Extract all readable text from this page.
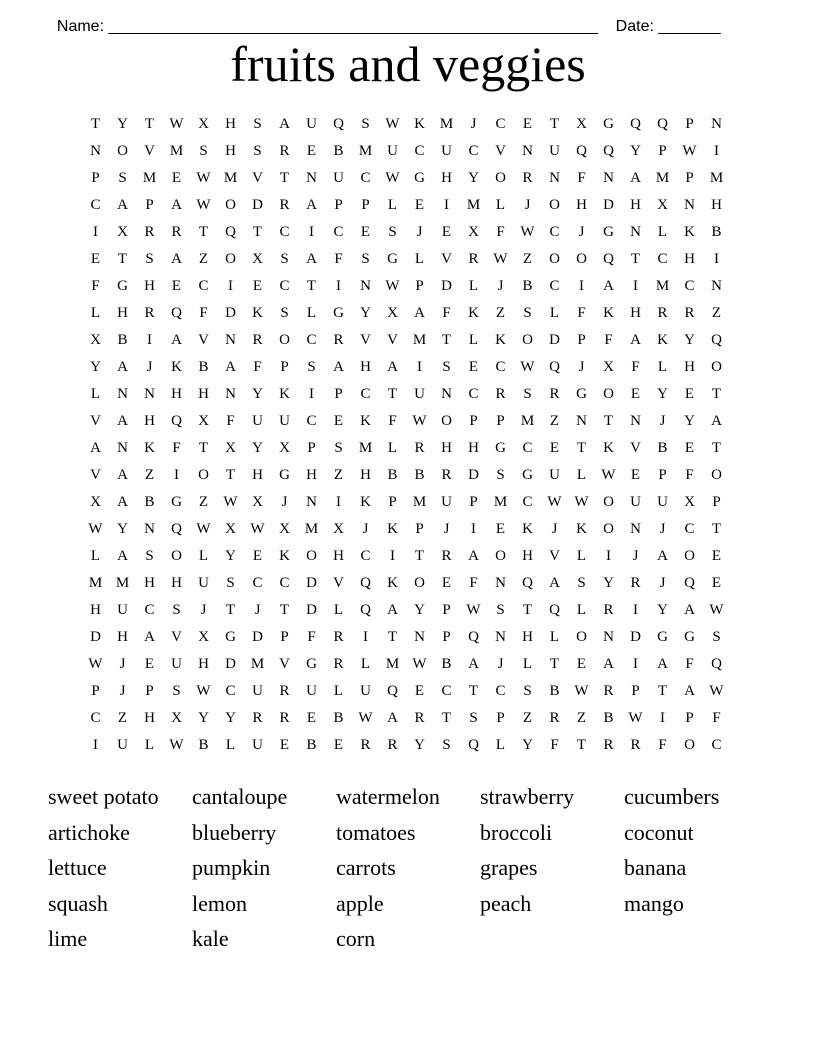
Name: _______________________________________________________ Date: _______

fruits and veggies
T	Y	T	W X	H	S	A	U	Q	S	W K M	J	C	E	T	X	G	Q	Q	P	N
N	O	V M	S	H	S	R	E	B	M U	C	U	C	V	N	U	Q	Q	Y	P	W	I
P	S	M	E	W M V	T	N	U	C W G	H	Y	O	R	N	F	N	A M	P	M
C	A	P	A W O	D	R	A	P	P	L	E	I	M	L	J	O	H	D	H	X	N	H
I	X	R	R	T	Q	T	C	I	C	E	S	J	E	X	F	W C	J	G	N	L	K	B
E	T	S	A	Z	O	X	S	A	F	S	G	L	V	R W	Z	O	O	Q	T	C	H	I
F	G	H	E	C	I	E	C	T	I	N W	P	D	L	J	B	C	I	A	I	M	C	N
L	H	R	Q	F	D	K	S	L	G	Y	X	A	F	K	Z	S	L	F	K	H	R	R	Z
X	B	I	A	V	N	R	O	C	R	V	V M	T	L	K	O	D	P	F	A	K	Y	Q
Y	A	J	K	B	A	F	P	S	A	H	A	I	S	E	C W Q	J	X	F	L	H	O
L	N	N	H	H	N	Y	K	I	P	C	T	U	N	C	R	S	R	G	O	E	Y	E	T
V	A	H	Q	X	F	U	U	C	E	K	F	W O	P	P	M	Z	N	T	N	J	Y	A
A	N	K	F	T	X	Y	X	P	S	M	L	R	H	H	G	C	E	T	K	V	B	E	T
V	A	Z	I	O	T	H	G	H	Z	H	B	B	R	D	S	G	U	L	W	E	P	F	O
X	A	B	G	Z	W X	J	N	I	K	P	M U	P	M	C W W O	U	U	X	P
W Y	N	Q W X W X M X	J	K	P	J	I	E	K	J	K	O	N	J	C	T
L	A	S	O	L	Y	E	K	O	H	C	I	T	R	A	O	H	V	L	I	J	A	O	E
M M H	H	U	S	C	C	D	V	Q	K	O	E	F	N	Q	A	S	Y	R	J	Q	E
H	U	C	S	J	T	J	T	D	L	Q	A	Y	P	W	S	T	Q	L	R	I	Y	A W
D	H	A	V	X	G	D	P	F	R	I	T	N	P	Q	N	H	L	O	N	D	G	G	S
W	J	E	U	H	D M V	G	R	L	M W B	A	J	L	T	E	A	I	A	F	Q
P	J	P	S	W C	U	R	U	L	U	Q	E	C	T	C	S	B W R	P	T	A W
C	Z	H	X	Y	Y	R	R	E	B W A	R	T	S	P	Z	R	Z	B W	I	P	F
I	U	L	W B	L	U	E	B	E	R	R	Y	S	Q	L	Y	F	T	R	R	F	O	C
sweet potato	cantaloupe	watermelon	strawberry	cucumbers
artichoke	blueberry	tomatoes	broccoli	coconut
lettuce	pumpkin	carrots	grapes	banana
squash	lemon	apple	peach	mango
lime	kale	corn
